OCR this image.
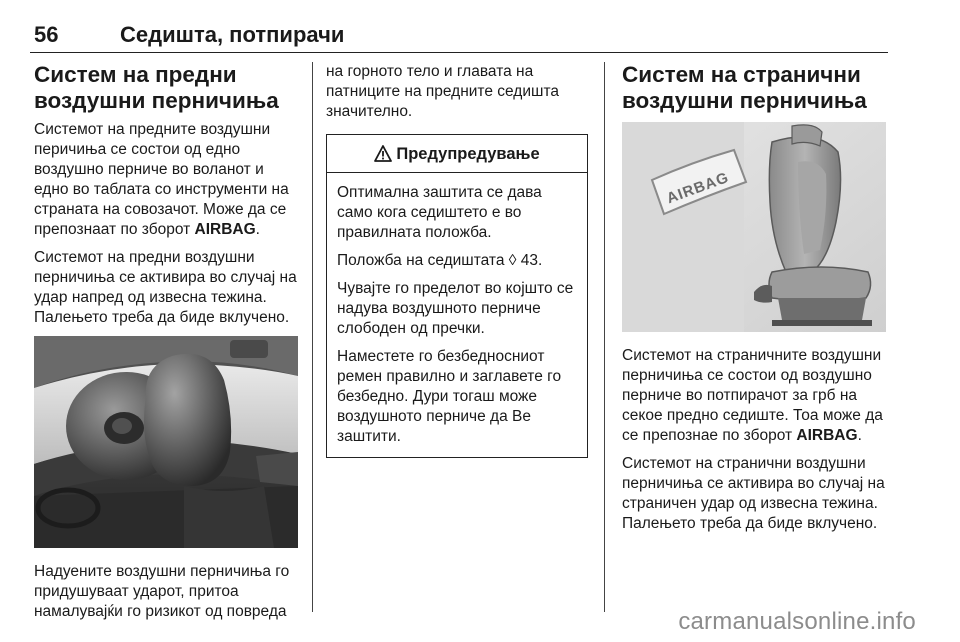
56	Седишта, потпирачи
Систем на предни воздушни перничиња

Системот на предните воздушни перичиња се состои од едно воздушно перниче во воланот и едно во таблата со инструменти на страната на совозачот. Може да се препознаат по зборот AIRBAG.

Системот на предни воздушни перничиња се активира во случај на удар напред од извесна тежина. Палењето треба да биде вклучено.

Надуените воздушни перничиња го придушуваат ударот, притоа намалувајќи го ризикот од повреда

на горното тело и главата на патниците на предните седишта значително.

Предупредување

Оптимална заштита се дава само кога седиштето е во правилната положба.

Положба на седиштата ◊ 43.

Чувајте го пределот во којшто се надува воздушното перниче слободен од пречки.

Наместете го безбедносниот ремен правилно и заглавете го безбедно. Дури тогаш може воздушното перниче да Ве заштити.

Систем на странични воздушни перничиња
AIRBAG

Системот на страничните воздушни перничиња се состои од воздушно перниче во потпирачот за грб на секое предно седиште. Тоа може да се препознае по зборот AIRBAG.

Системот на странични воздушни перничиња се активира во случај на страничен удар од извесна тежина. Палењето треба да биде вклучено.

carmanualsonline.info
